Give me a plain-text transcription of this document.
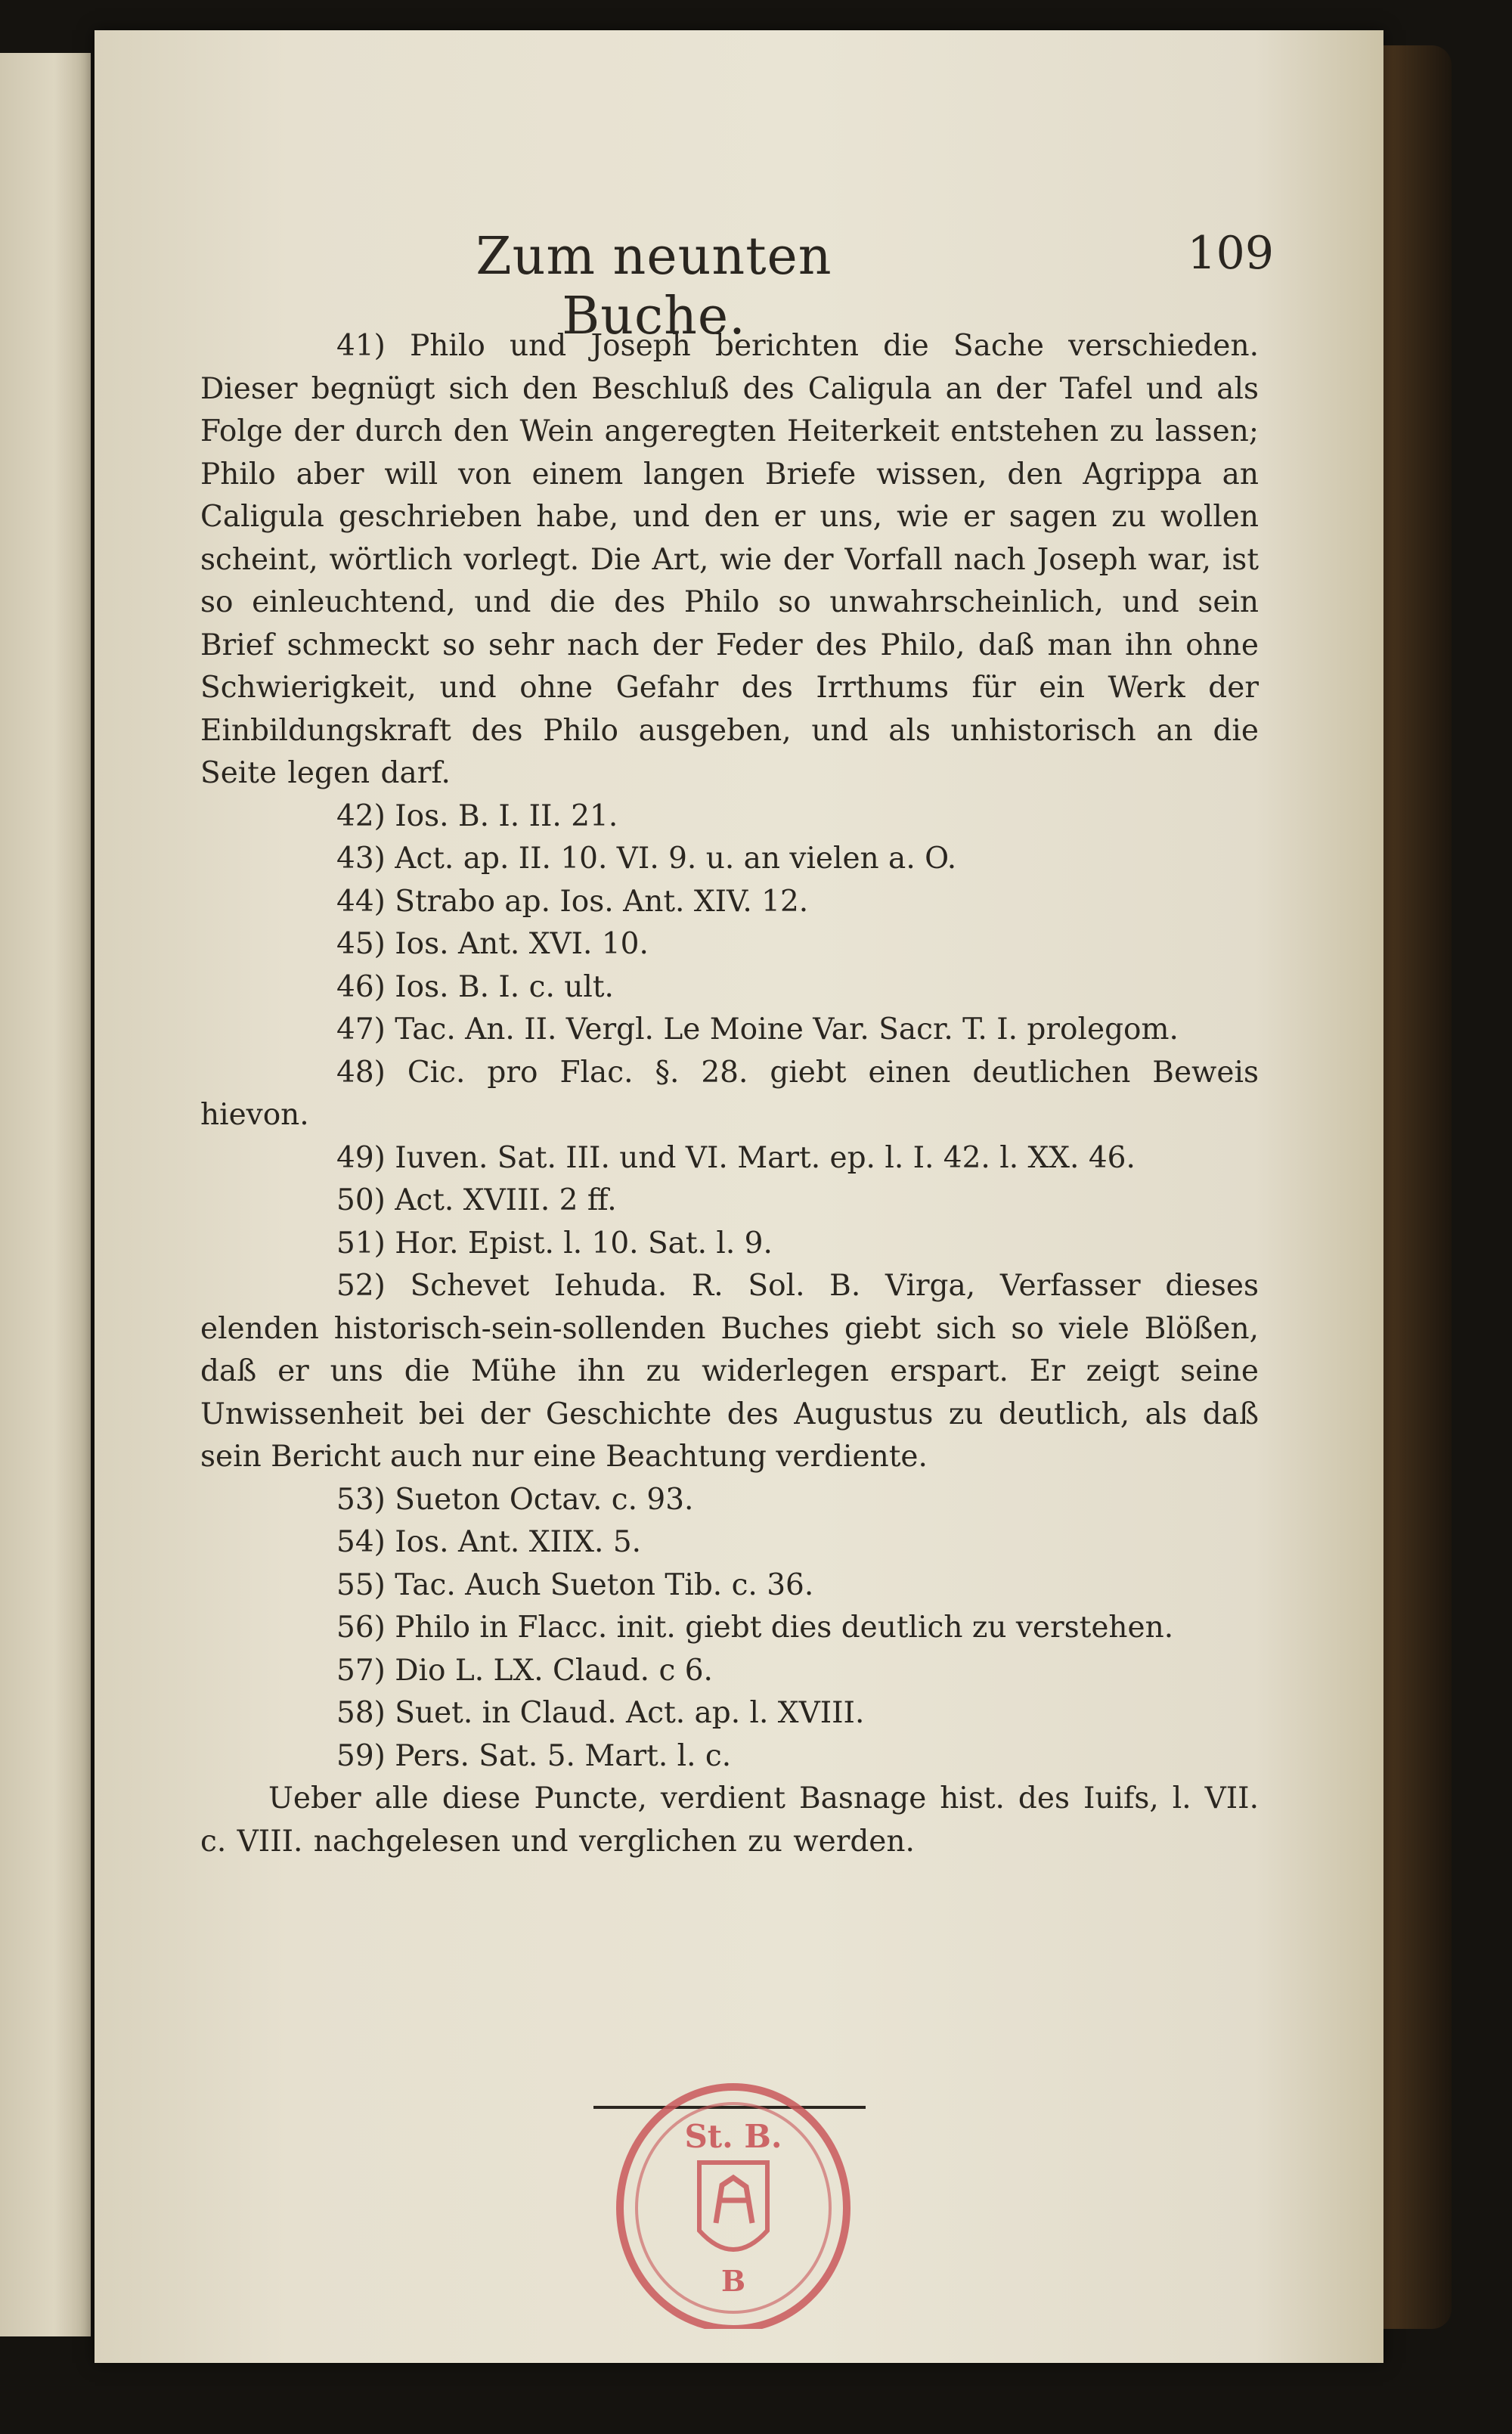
Zum neunten Buche.
109

41) Philo und Joseph berichten die Sache verschieden. Dieser begnügt sich den Beschluß des Caligula an der Tafel und als Folge der durch den Wein angeregten Heiterkeit entstehen zu lassen; Philo aber will von einem langen Briefe wissen, den Agrippa an Caligula geschrieben habe, und den er uns, wie er sagen zu wollen scheint, wörtlich vorlegt. Die Art, wie der Vorfall nach Joseph war, ist so einleuchtend, und die des Philo so unwahrscheinlich, und sein Brief schmeckt so sehr nach der Feder des Philo, daß man ihn ohne Schwierigkeit, und ohne Gefahr des Irrthums für ein Werk der Einbildungskraft des Philo ausgeben, und als unhistorisch an die Seite legen darf.

42) Ios. B. I. II. 21.

43) Act. ap. II. 10. VI. 9. u. an vielen a. O.

44) Strabo ap. Ios. Ant. XIV. 12.

45) Ios. Ant. XVI. 10.

46) Ios. B. I. c. ult.

47) Tac. An. II. Vergl. Le Moine Var. Sacr. T. I. prolegom.

48) Cic. pro Flac. §. 28. giebt einen deutlichen Beweis hievon.

49) Iuven. Sat. III. und VI. Mart. ep. l. I. 42. l. XX. 46.

50) Act. XVIII. 2 ff.

51) Hor. Epist. l. 10. Sat. l. 9.

52) Schevet Iehuda. R. Sol. B. Virga, Verfasser dieses elenden historisch-sein-sollenden Buches giebt sich so viele Blößen, daß er uns die Mühe ihn zu widerlegen erspart. Er zeigt seine Unwissenheit bei der Geschichte des Augustus zu deutlich, als daß sein Bericht auch nur eine Beachtung verdiente.

53) Sueton Octav. c. 93.

54) Ios. Ant. XIIX. 5.

55) Tac. Auch Sueton Tib. c. 36.

56) Philo in Flacc. init. giebt dies deutlich zu verstehen.

57) Dio L. LX. Claud. c 6.

58) Suet. in Claud. Act. ap. l. XVIII.

59) Pers. Sat. 5. Mart. l. c.

Ueber alle diese Puncte, verdient Basnage hist. des Iuifs, l. VII. c. VIII. nachgelesen und verglichen zu werden.

St. B.
B
